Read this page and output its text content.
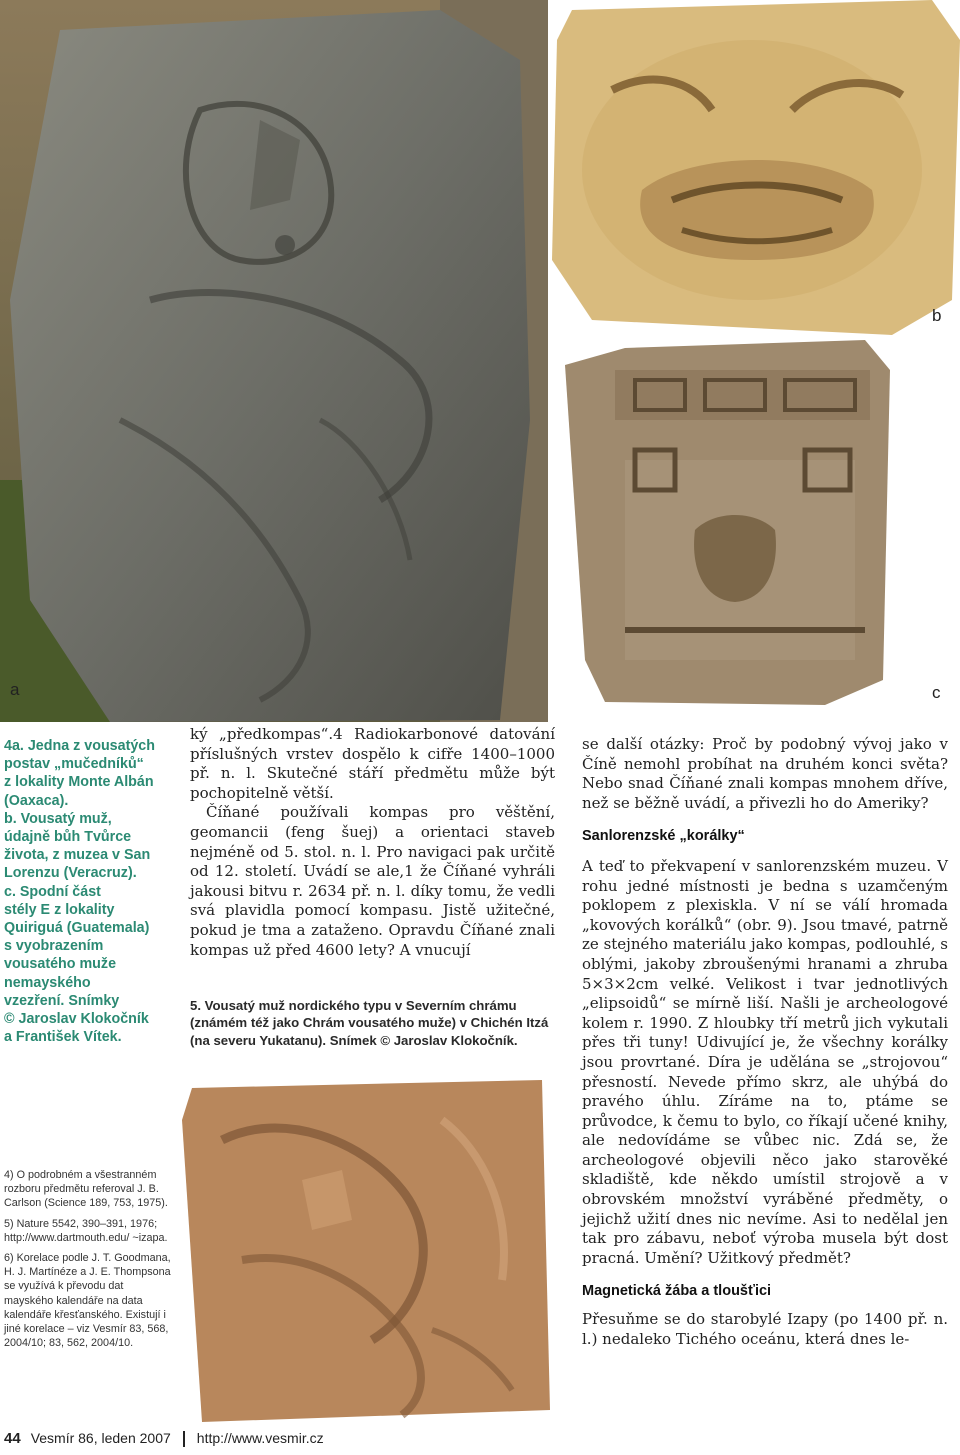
a
b
c

4a. Jedna z vousatých

postav „mučedníků“

z lokality Monte Albán

(Oaxaca).

b. Vousatý muž,

údajně bůh Tvůrce

života, z muzea v San

Lorenzu (Veracruz).

c. Spodní část

stély E z lokality

Quiriguá (Guatemala)

s vyobrazením

vousatého muže

nemayského

vzezření. Snímky

© Jaroslav Klokočník

a František Vítek.

4) O podrobném a všestranném rozboru předmětu referoval J. B. Carlson (Science 189, 753, 1975).

5) Nature 5542, 390–391, 1976; http://www.dartmouth.edu/ ~izapa.

6) Korelace podle J. T. Goodmana, H. J. Martínéze a J. E. Thompsona se využívá k převodu dat mayského kalendáře na data kalendáře křesťanského. Existují i jiné korelace – viz Vesmír 83, 568, 2004/10; 83, 562, 2004/10.

ký „předkompas“.4 Radiokarbonové datování příslušných vrstev dospělo k cifře 1400–1000 př. n. l. Skutečné stáří předmětu může být pochopitelně větší.

Číňané používali kompas pro věštění, geomancii (feng šuej) a orientaci staveb nejméně od 5. stol. n. l. Pro navigaci pak určitě od 12. století. Uvádí se ale,1 že Číňané vyhráli jakousi bitvu r. 2634 př. n. l. díky tomu, že vedli svá plavidla pomocí kompasu. Jistě užitečné, pokud je tma a zataženo. Opravdu Číňané znali kompas už před 4600 lety? A vnucují

5. Vousatý muž nordického typu v Severním chrámu (známém též jako Chrám vousatého muže) v Chichén Itzá (na severu Yukatanu). Snímek © Jaroslav Klokočník.

se další otázky: Proč by podobný vývoj jako v Číně nemohl probíhat na druhém konci světa? Nebo snad Číňané znali kompas mnohem dříve, než se běžně uvádí, a přivezli ho do Ameriky?

Sanlorenzské „korálky“

A teď to překvapení v sanlorenzském muzeu. V rohu jedné místnosti je bedna s uzamčeným poklopem z plexiskla. V ní se válí hromada „kovových korálků“ (obr. 9). Jsou tmavé, patrně ze stejného materiálu jako kompas, podlouhlé, s oblými, jakoby zbroušenými hranami a zhruba 5×3×2cm velké. Velikost i tvar jednotlivých „elipsoidů“ se mírně liší. Našli je archeologové kolem r. 1990. Z hloubky tří metrů jich vykutali přes tři tuny! Udivující je, že všechny korálky jsou provrtané. Díra je udělána se „strojovou“ přesností. Nevede přímo skrz, ale uhýbá do pravého úhlu. Zíráme na to, ptáme se průvodce, k čemu to bylo, co říkají učené knihy, ale nedovídáme se vůbec nic. Zdá se, že archeologové objevili něco jako starověké skladiště, kde někdo umístil strojově a v obrovském množství vyráběné předměty, o jejichž užití dnes nic nevíme. Asi to nedělal jen tak pro zábavu, neboť výroba musela být dost pracná. Umění? Užitkový předmět?

Magnetická žába a tloušťici

Přesuňme se do starobylé Izapy (po 1400 př. n. l.) nedaleko Tichého oceánu, která dnes le-

44 Vesmír 86, leden 2007 http://www.vesmir.cz
